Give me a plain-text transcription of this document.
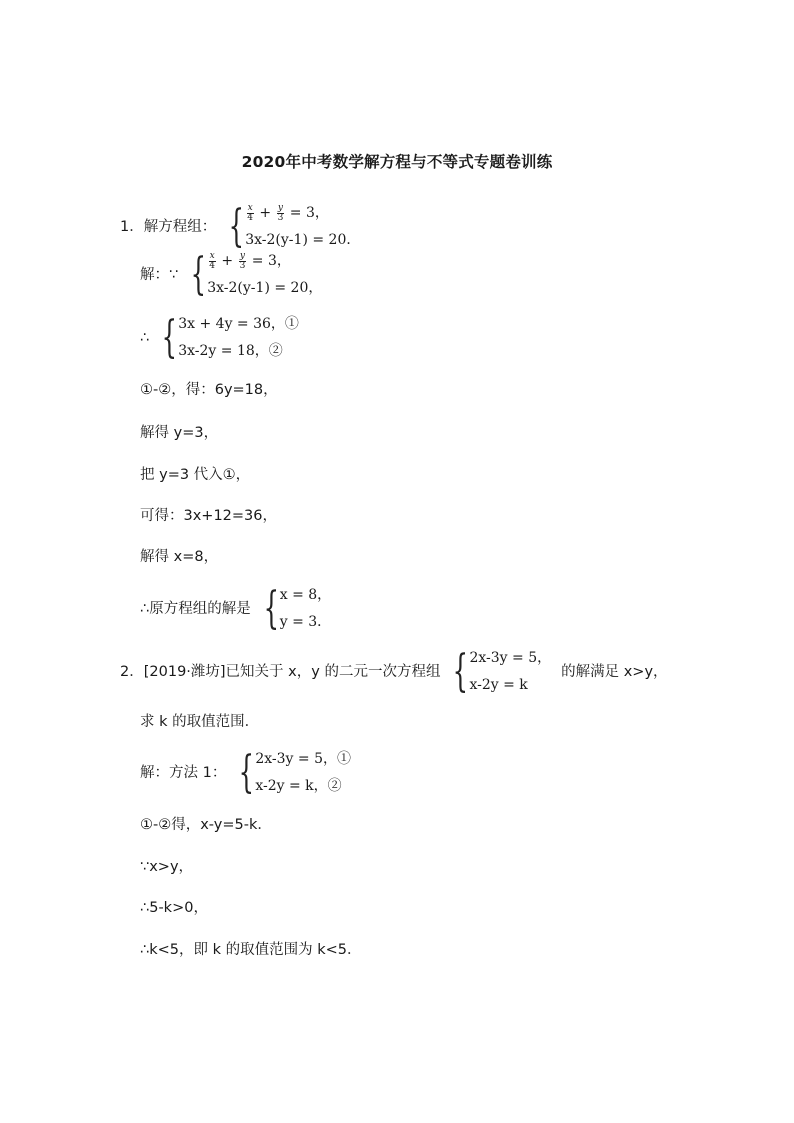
2020年中考数学解方程与不等式专题卷训练
1． 解方程组： { $\frac{x}{4} + \frac{y}{3} = 3$，
3x-2(y-1) = 20．
解：∵ { $\frac{x}{4} + \frac{y}{3} = 3$，
3x-2(y-1) = 20，
∴ { 3x + 4y = 36，①
3x-2y = 18，②
①-②，得：6y=18，
解得 y=3，
把 y=3 代入①，
可得：3x+12=36，
解得 x=8，
∴原方程组的解是 { x = 8，
y = 3．
2． [2019·潍坊]已知关于 x，y 的二元一次方程组 { 2x-3y = 5，
x-2y = k
的解满足 x>y，
求 k 的取值范围．
解：方法 1： { 2x-3y = 5，①
x-2y = k，②
①-②得，x-y=5-k．
∵x>y，
∴5-k>0，
∴k<5，即 k 的取值范围为 k<5．
